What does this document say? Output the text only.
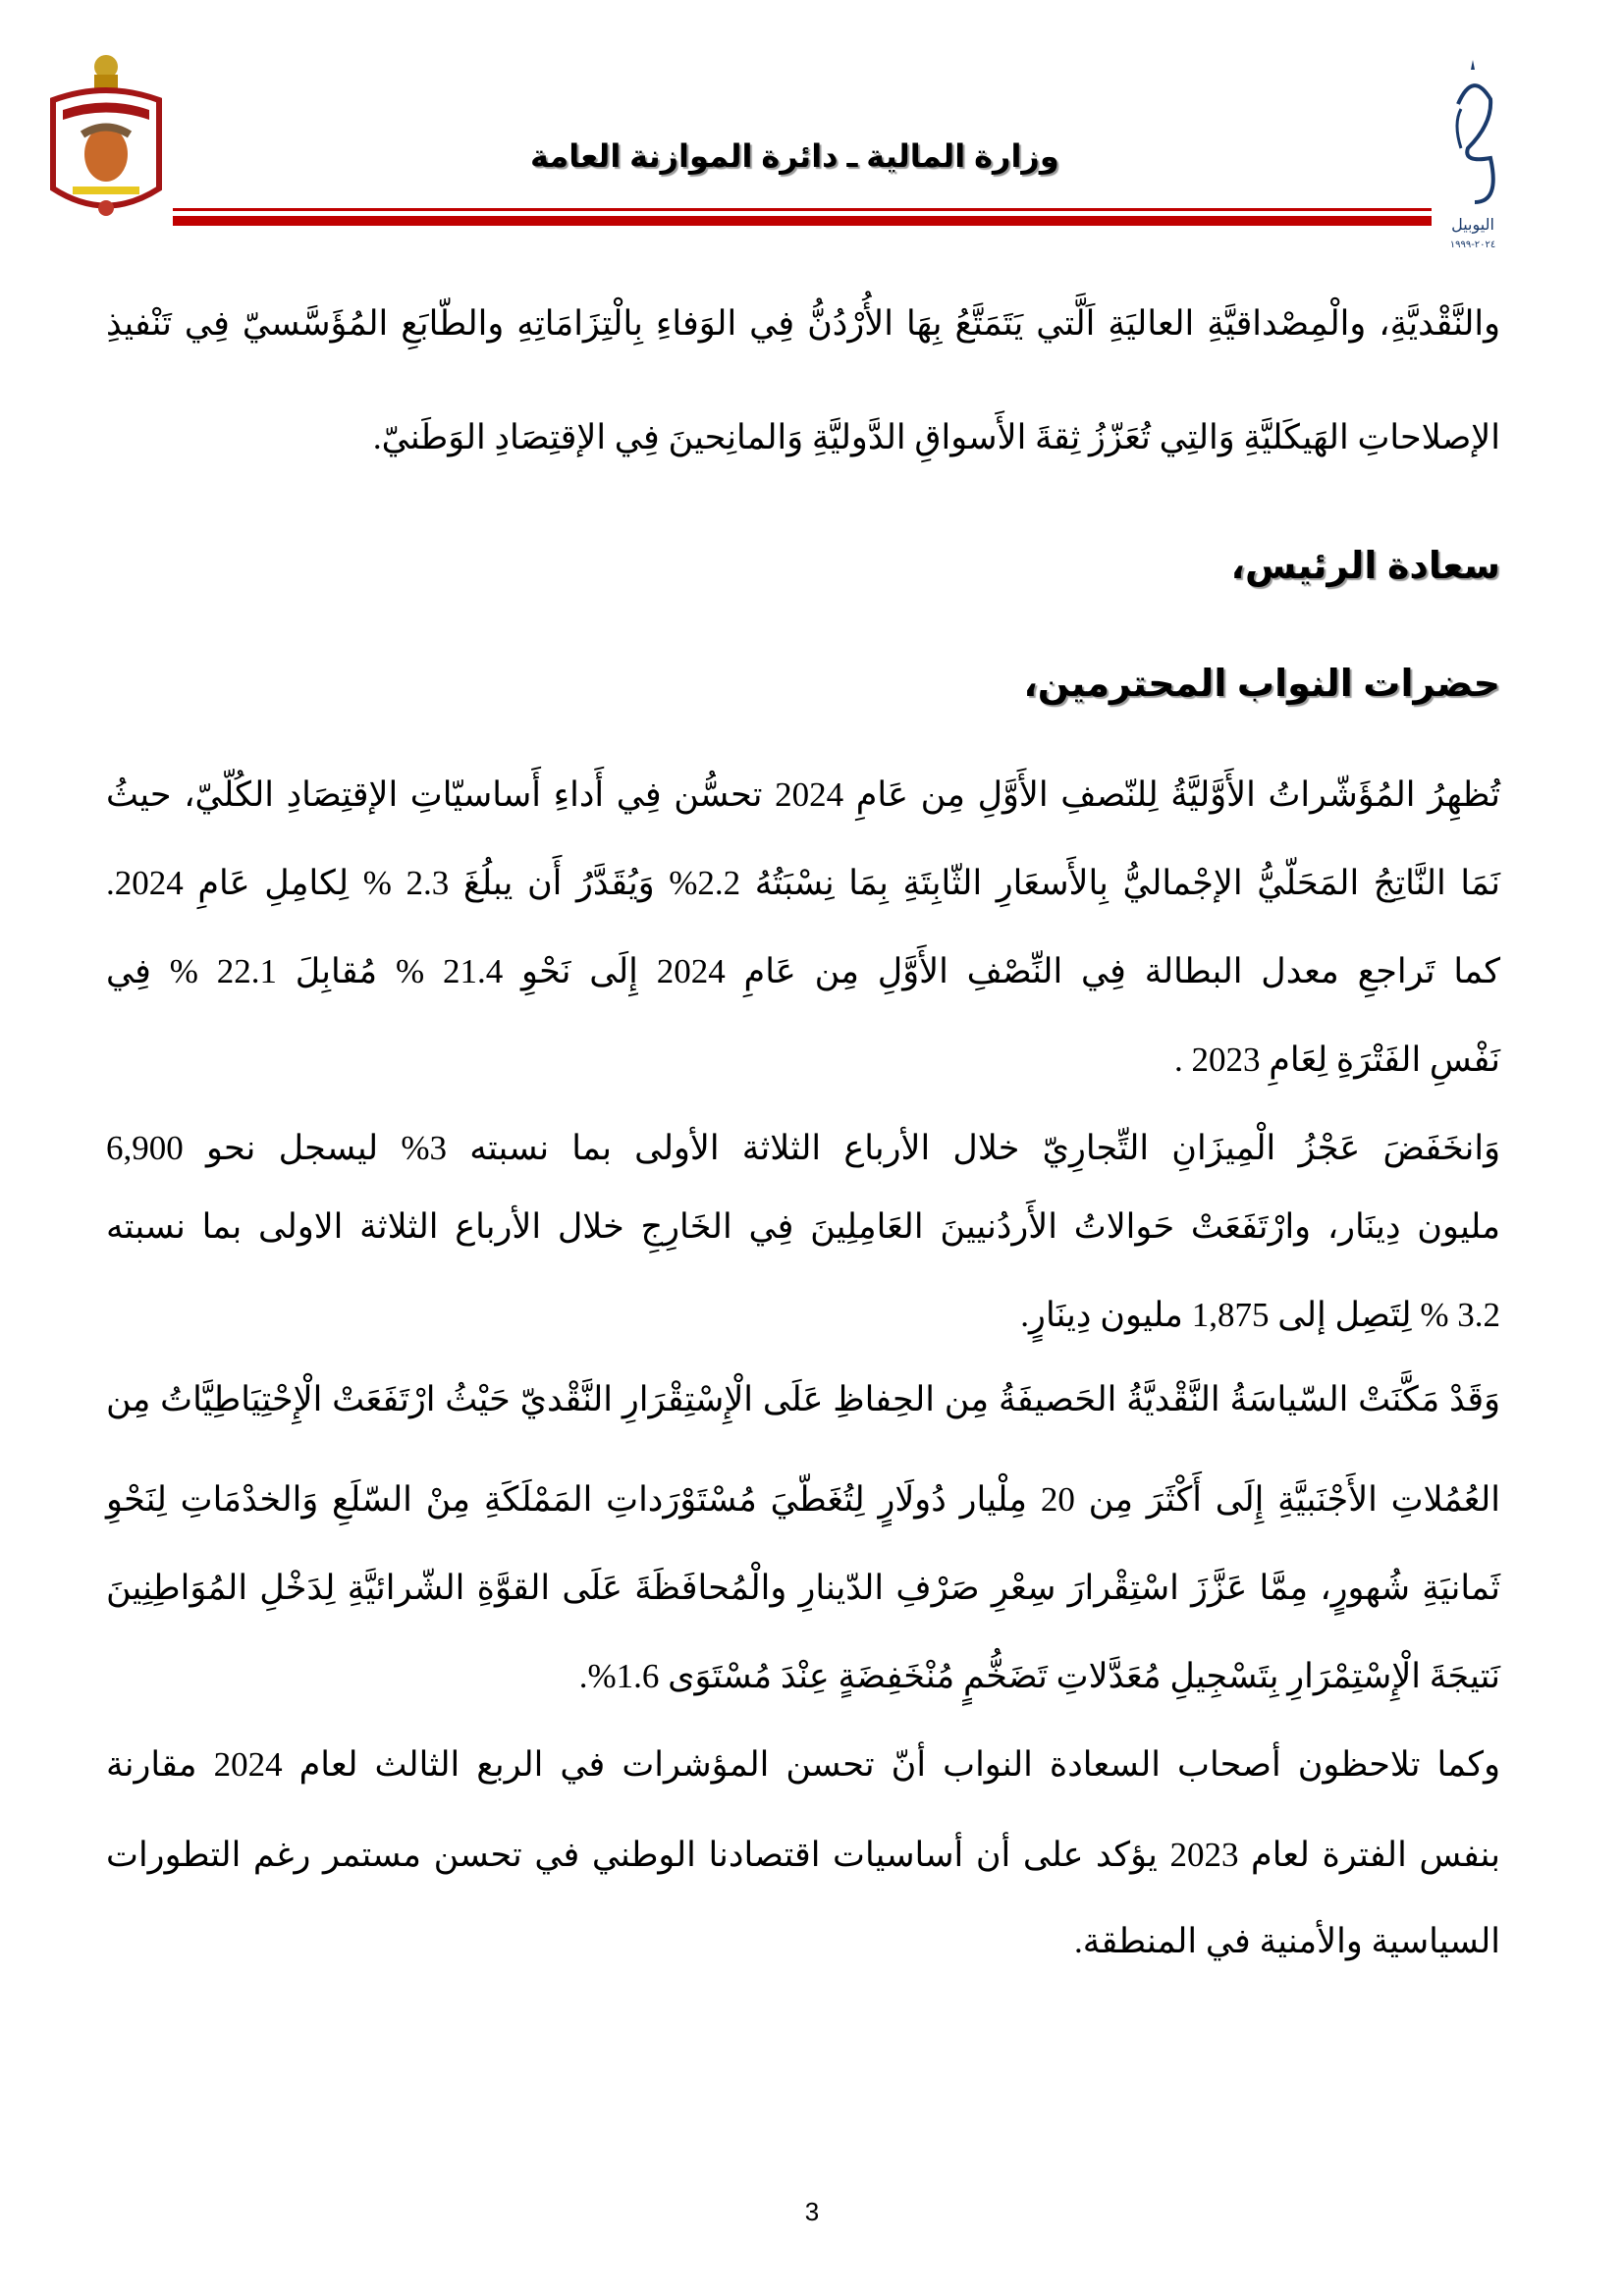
وزارة المالية ـ دائرة الموازنة العامة
اليوبيل
٢٠٢٤-١٩٩٩
والنَّقْديَّةِ، والْمِصْداقيَّةِ العاليَةِ اَلَّتي يَتَمَتَّعُ بِهَا الأُرْدُنُّ فِي الوَفاءِ بِالْتِزَامَاتِهِ والطّابَعِ المُؤَسَّسيّ فِي تَنْفيذِ
الإصلاحاتِ الهَيكَليَّةِ وَالتِي تُعَزّزُ ثِقةَ الأَسواقِ الدَّوليَّةِ وَالمانِحينَ فِي الإقتِصَادِ الوَطَنيّ.
سعادة الرئيس،
حضرات النواب المحترمين،
تُظهِرُ المُؤَشّراتُ الأَوَّليَّةُ لِلنّصفِ الأَوَّلِ مِن عَامِ 2024 تحسُّن فِي أَداءِ أَساسيّاتِ الإقتِصَادِ الكُلّيّ، حيثُ
نَمَا النَّاتِجُ المَحَلّيُّ الإجْماليُّ بِالأَسعَارِ الثّابِتَةِ بِمَا نِسْبَتُهُ 2.2% وَيُقَدَّرُ أَن يبلُغَ 2.3 % لِكامِلِ عَامِ 2024.
كما تَراجعِ معدل البطالة فِي النِّصْفِ الأَوَّلِ مِن عَامِ 2024 إِلَى نَحْوِ 21.4 % مُقابِلَ 22.1 % فِي
نَفْسِ الفَتْرَةِ لِعَامِ 2023 .
وَانخَفَضَ عَجْزُ الْمِيزَانِ التِّجارِيّ خلال الأرباع الثلاثة الأولى بما نسبته 3% ليسجل نحو 6,900
مليون دِينَار، وارْتَفَعَتْ حَوالاتُ الأَردُنيينَ العَامِلِينَ فِي الخَارِجِ خلال الأرباع الثلاثة الاولى بما نسبته
3.2 % لِتَصِل إلى 1,875 مليون دِينَارٍ.
وَقَدْ مَكَّنَتْ السّياسَةُ النَّقْديَّةُ الحَصيفَةُ مِن الحِفاظِ عَلَى الْإِسْتِقْرَارِ النَّقْديّ حَيْثُ ارْتَفَعَتْ الْإِحْتِيَاطِيَّاتُ مِن
العُمُلاتِ الأَجْنَبيَّةِ إِلَى أَكْثَرَ مِن 20 مِلْيار دُولَارٍ لِتُغَطّيَ مُسْتَوْرَداتِ المَمْلَكَةِ مِنْ السّلَعِ وَالخدْمَاتِ لِنَحْوِ
ثَمانيَةِ شُهورٍ، مِمَّا عَزَّزَ اسْتِقْرارَ سِعْرِ صَرْفِ الدّينارِ والْمُحافَظَةَ عَلَى القوَّةِ الشّرائيَّةِ لِدَخْلِ المُوَاطِنِينَ
نَتيجَةَ الْإِسْتِمْرَارِ بِتَسْجِيلِ مُعَدَّلاتِ تَضَخُّمٍ مُنْخَفِضَةٍ عِنْدَ مُسْتَوَى 1.6%.
وكما تلاحظون أصحاب السعادة النواب أنّ تحسن المؤشرات في الربع الثالث لعام 2024 مقارنة
بنفس الفترة لعام 2023 يؤكد على أن أساسيات اقتصادنا الوطني في تحسن مستمر رغم التطورات
السياسية والأمنية في المنطقة.
3
